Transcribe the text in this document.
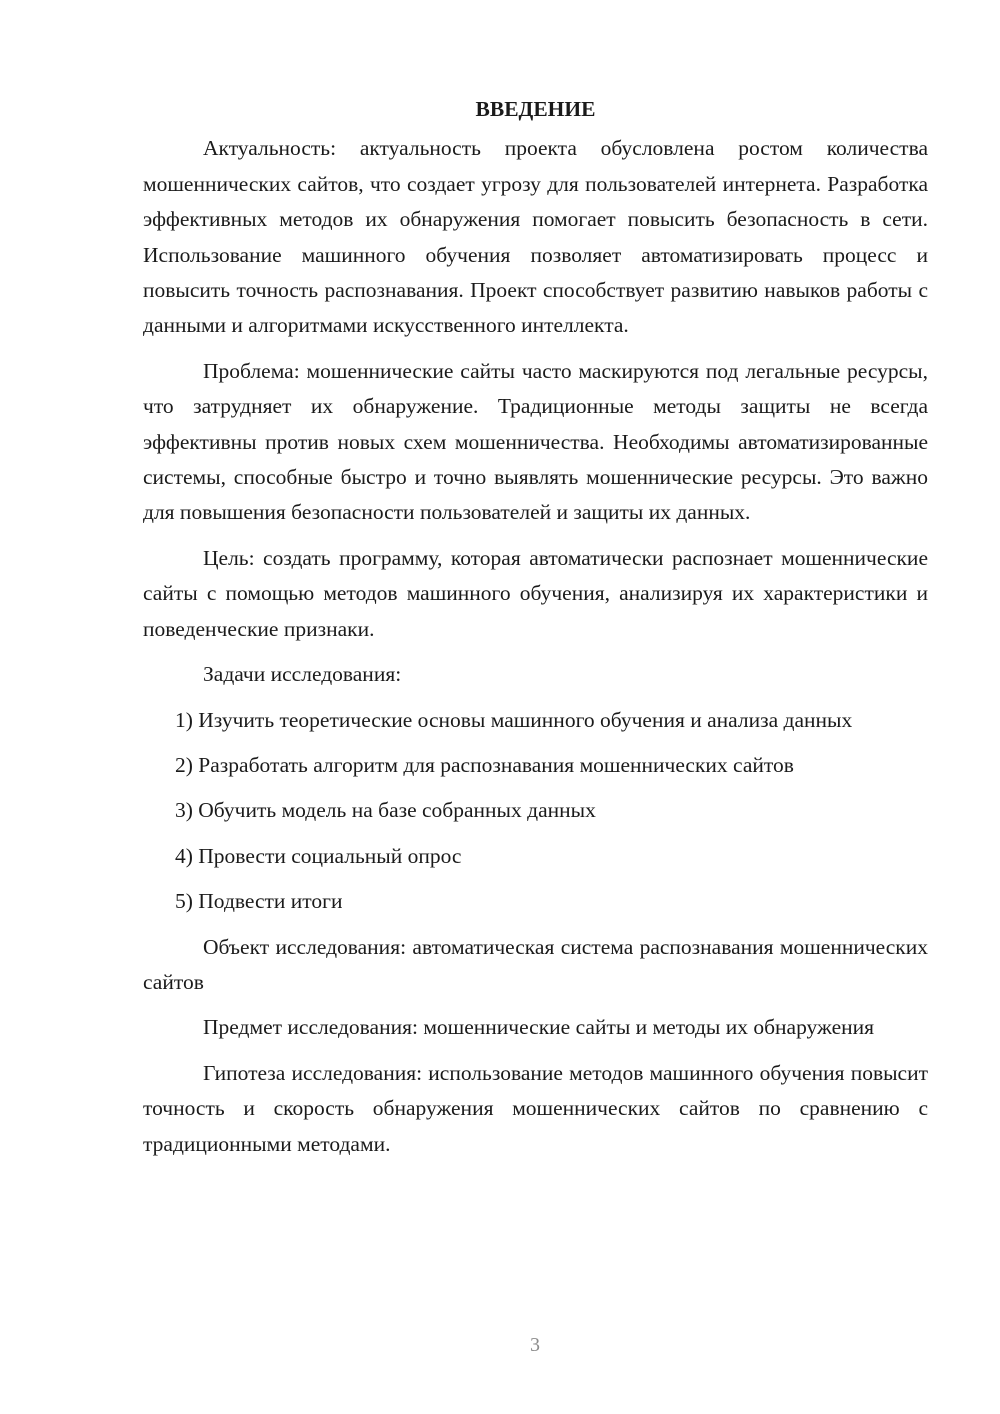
ВВЕДЕНИЕ

Актуальность: актуальность проекта обусловлена ростом количества мошеннических сайтов, что создает угрозу для пользователей интернета. Разработка эффективных методов их обнаружения помогает повысить безопасность в сети. Использование машинного обучения позволяет автоматизировать процесс и повысить точность распознавания. Проект способствует развитию навыков работы с данными и алгоритмами искусственного интеллекта.

Проблема: мошеннические сайты часто маскируются под легальные ресурсы, что затрудняет их обнаружение. Традиционные методы защиты не всегда эффективны против новых схем мошенничества. Необходимы автоматизированные системы, способные быстро и точно выявлять мошеннические ресурсы. Это важно для повышения безопасности пользователей и защиты их данных.

Цель: создать программу, которая автоматически распознает мошеннические сайты с помощью методов машинного обучения, анализируя их характеристики и поведенческие признаки.

Задачи исследования:

1) Изучить теоретические основы машинного обучения и анализа данных

2) Разработать алгоритм для распознавания мошеннических сайтов

3) Обучить модель на базе собранных данных

4) Провести социальный опрос

5) Подвести итоги

Объект исследования: автоматическая система распознавания мошеннических сайтов

Предмет исследования: мошеннические сайты и методы их обнаружения

Гипотеза исследования: использование методов машинного обучения повысит точность и скорость обнаружения мошеннических сайтов по сравнению с традиционными методами.

3
